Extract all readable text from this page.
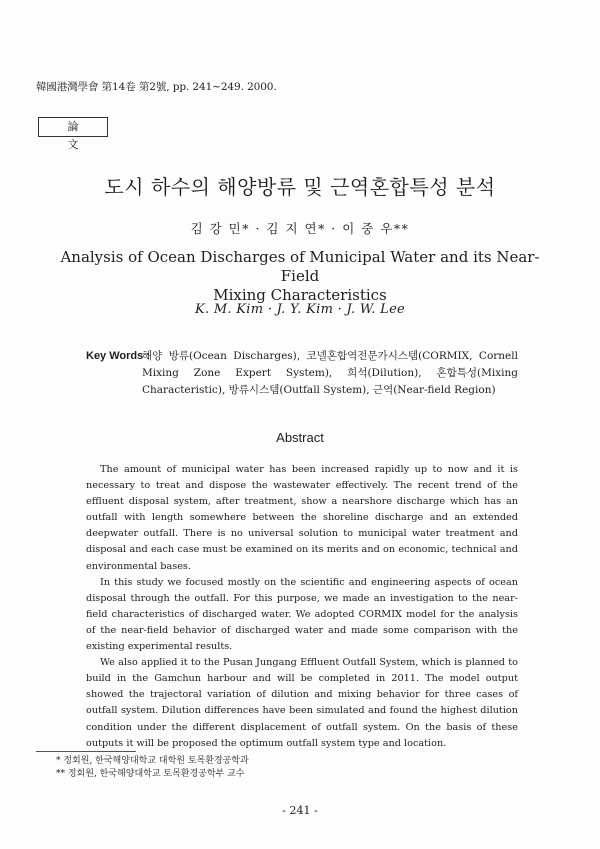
韓國港灣學會 第14卷 第2號, pp. 241∼249. 2000.
論 文
도시 하수의 해양방류 및 근역혼합특성 분석
김 강 민* · 김 지 연* · 이 중 우**
Analysis of Ocean Discharges of Municipal Water and its Near-Field
Mixing Characteristics
K. M. Kim · J. Y. Kim · J. W. Lee
Key Words :
해양 방류(Ocean Discharges), 코넬혼합역전문가시스템(CORMIX, Cornell Mixing Zone Expert System), 희석(Dilution), 혼합특성(Mixing Characteristic), 방류시스템(Outfall System), 근역(Near-field Region)
Abstract

The amount of municipal water has been increased rapidly up to now and it is necessary to treat and dispose the wastewater effectively. The recent trend of the effluent disposal system, after treatment, show a nearshore discharge which has an outfall with length somewhere between the shoreline discharge and an extended deepwater outfall. There is no universal solution to municipal water treatment and disposal and each case must be examined on its merits and on economic, technical and environmental bases.

In this study we focused mostly on the scientific and engineering aspects of ocean disposal through the outfall. For this purpose, we made an investigation to the near-field characteristics of discharged water. We adopted CORMIX model for the analysis of the near-field behavior of discharged water and made some comparison with the existing experimental results.

We also applied it to the Pusan Jungang Effluent Outfall System, which is planned to build in the Gamchun harbour and will be completed in 2011. The model output showed the trajectoral variation of dilution and mixing behavior for three cases of outfall system. Dilution differences have been simulated and found the highest dilution condition under the different displacement of outfall system. On the basis of these outputs it will be proposed the optimum outfall system type and location.

* 정회원, 한국해양대학교 대학원 토목환경공학과
** 정회원, 한국해양대학교 토목환경공학부 교수
- 241 -
